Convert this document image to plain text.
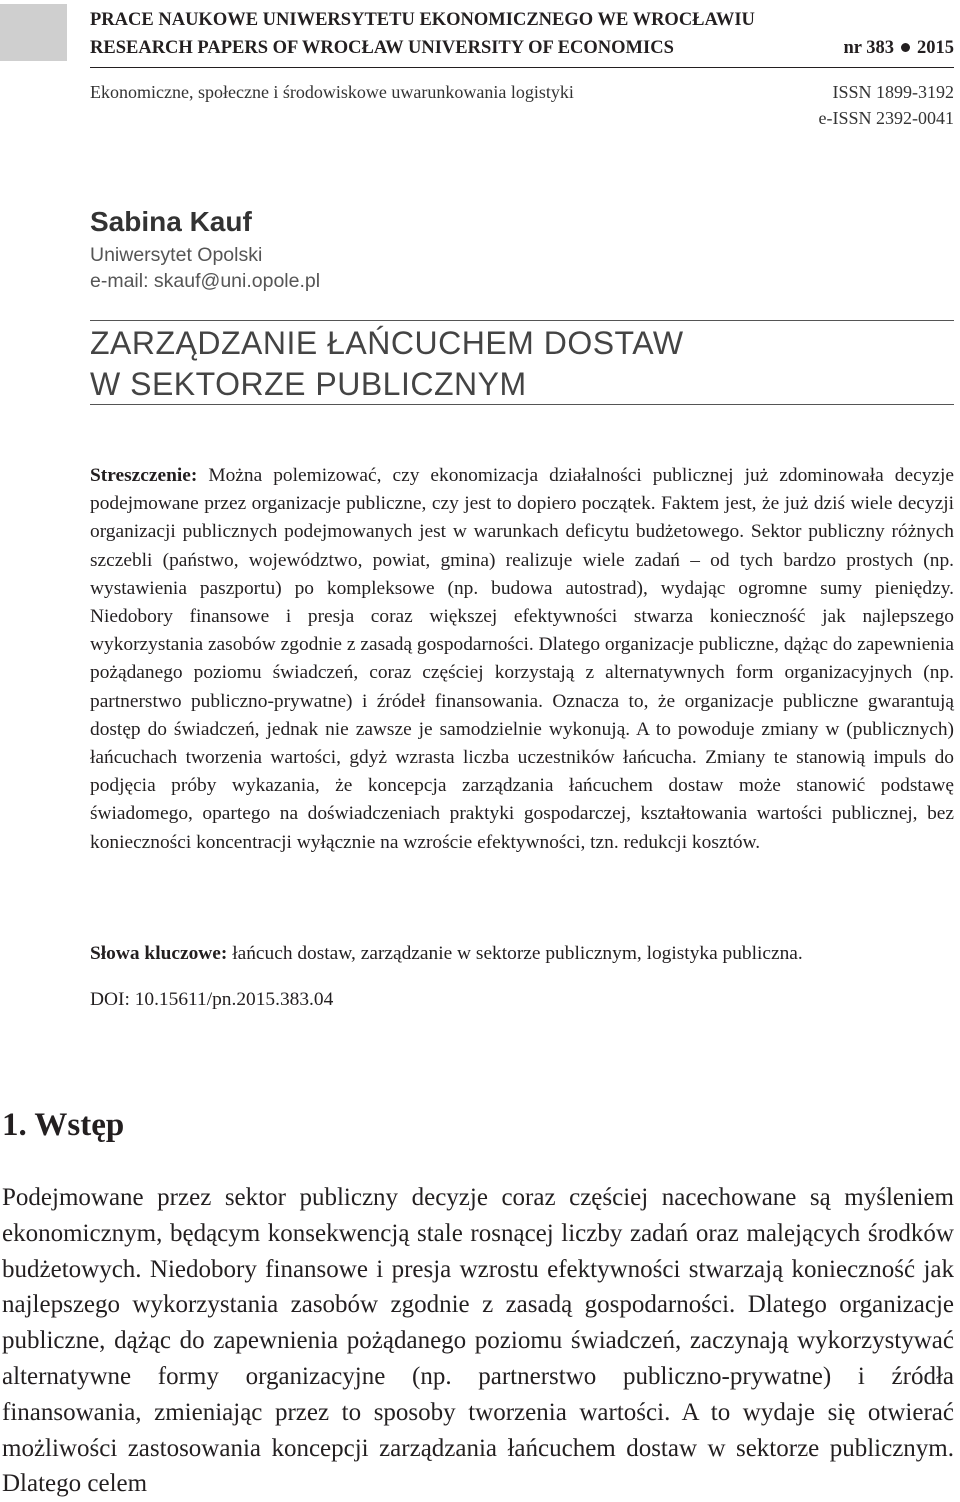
PRACE NAUKOWE UNIWERSYTETU EKONOMICZNEGO WE WROCŁAWIU
RESEARCH PAPERS OF WROCŁAW UNIVERSITY OF ECONOMICS	nr 383 2015
Ekonomiczne, społeczne i środowiskowe uwarunkowania logistyki	ISSN 1899-3192
e-ISSN 2392-0041
Sabina Kauf
Uniwersytet Opolski
e-mail: skauf@uni.opole.pl
ZARZĄDZANIE ŁAŃCUCHEM DOSTAW
W SEKTORZE PUBLICZNYM
Streszczenie: Można polemizować, czy ekonomizacja działalności publicznej już zdominowała decyzje podejmowane przez organizacje publiczne, czy jest to dopiero początek. Faktem jest, że już dziś wiele decyzji organizacji publicznych podejmowanych jest w warunkach deficytu budżetowego. Sektor publiczny różnych szczebli (państwo, województwo, powiat, gmina) realizuje wiele zadań – od tych bardzo prostych (np. wystawienia paszportu) po kompleksowe (np. budowa autostrad), wydając ogromne sumy pieniędzy. Niedobory finansowe i presja coraz większej efektywności stwarza konieczność jak najlepszego wykorzystania zasobów zgodnie z zasadą gospodarności. Dlatego organizacje publiczne, dążąc do zapewnienia pożądanego poziomu świadczeń, coraz częściej korzystają z alternatywnych form organizacyjnych (np. partnerstwo publiczno-prywatne) i źródeł finansowania. Oznacza to, że organizacje publiczne gwarantują dostęp do świadczeń, jednak nie zawsze je samodzielnie wykonują. A to powoduje zmiany w (publicznych) łańcuchach tworzenia wartości, gdyż wzrasta liczba uczestników łańcucha. Zmiany te stanowią impuls do podjęcia próby wykazania, że koncepcja zarządzania łańcuchem dostaw może stanowić podstawę świadomego, opartego na doświadczeniach praktyki gospodarczej, kształtowania wartości publicznej, bez konieczności koncentracji wyłącznie na wzroście efektywności, tzn. redukcji kosztów.
Słowa kluczowe: łańcuch dostaw, zarządzanie w sektorze publicznym, logistyka publiczna.
DOI: 10.15611/pn.2015.383.04
1. Wstęp
Podejmowane przez sektor publiczny decyzje coraz częściej nacechowane są myśleniem ekonomicznym, będącym konsekwencją stale rosnącej liczby zadań oraz malejących środków budżetowych. Niedobory finansowe i presja wzrostu efektywności stwarzają konieczność jak najlepszego wykorzystania zasobów zgodnie z zasadą gospodarności. Dlatego organizacje publiczne, dążąc do zapewnienia pożądanego poziomu świadczeń, zaczynają wykorzystywać alternatywne formy organizacyjne (np. partnerstwo publiczno-prywatne) i źródła finansowania, zmieniając przez to sposoby tworzenia wartości. A to wydaje się otwierać możliwości zastosowania koncepcji zarządzania łańcuchem dostaw w sektorze publicznym. Dlatego celem
